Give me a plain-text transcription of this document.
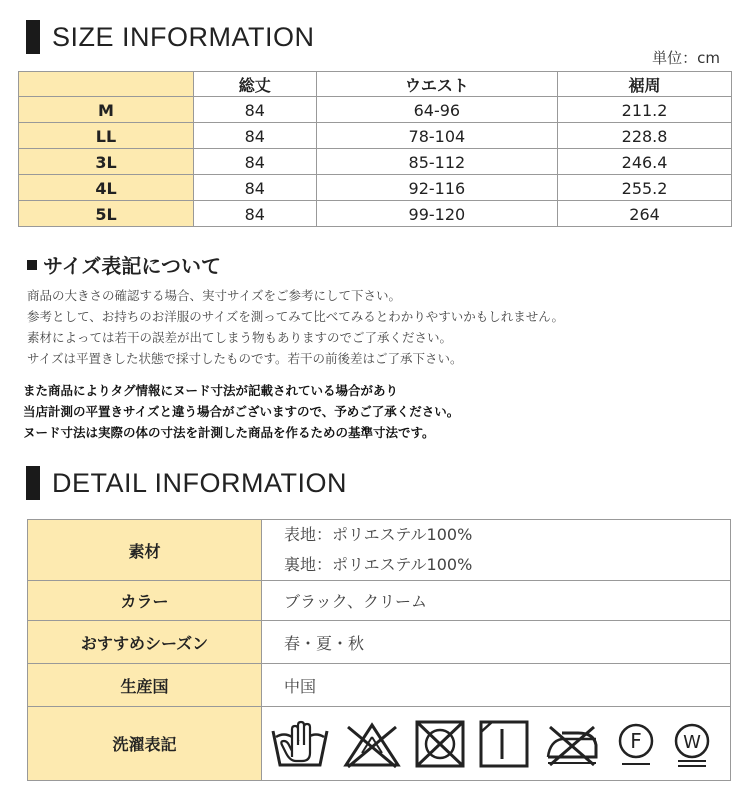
SIZE INFORMATION
単位：cm
	総丈	ウエスト	裾周
M	84	64-96	211.2
LL	84	78-104	228.8
3L	84	85-112	246.4
4L	84	92-116	255.2
5L	84	99-120	264
サイズ表記について
商品の大きさの確認する場合、実寸サイズをご参考にして下さい。
参考として、お持ちのお洋服のサイズを測ってみて比べてみるとわかりやすいかもしれません。
素材によっては若干の誤差が出てしまう物もありますのでご了承ください。
サイズは平置きした状態で採寸したものです。若干の前後差はご了承下さい。
また商品によりタグ情報にヌード寸法が記載されている場合があり
当店計測の平置きサイズと違う場合がございますので、予めご了承ください。
ヌード寸法は実際の体の寸法を計測した商品を作るための基準寸法です。
DETAIL INFORMATION
素材	表地：ポリエステル100%
裏地：ポリエステル100%

カラー	ブラック、クリーム
おすすめシーズン	春・夏・秋
生産国	中国
洗濯表記	F W
